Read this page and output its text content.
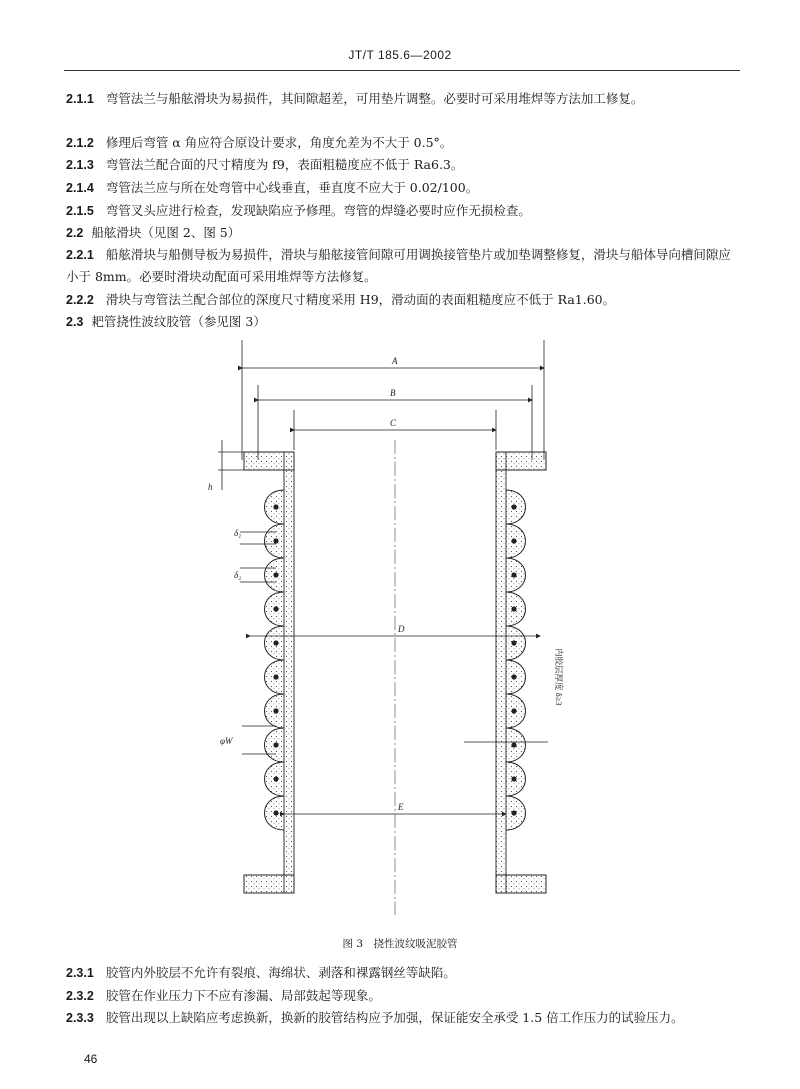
JT/T 185.6—2002
2.1.1 弯管法兰与船舷滑块为易损件，其间隙超差，可用垫片调整。必要时可采用堆焊等方法加工修复。
2.1.2 修理后弯管 α 角应符合原设计要求，角度允差为不大于 0.5°。
2.1.3 弯管法兰配合面的尺寸精度为 f9，表面粗糙度应不低于 Ra6.3。
2.1.4 弯管法兰应与所在处弯管中心线垂直，垂直度不应大于 0.02/100。
2.1.5 弯管叉头应进行检查，发现缺陷应予修理。弯管的焊缝必要时应作无损检查。
2.2 船舷滑块（见图 2、图 5）
2.2.1 船舷滑块与船侧导板为易损件，滑块与船舷接管间隙可用调换接管垫片或加垫调整修复，滑块与船体导向槽间隙应小于 8mm。必要时滑块动配面可采用堆焊等方法修复。
2.2.2 滑块与弯管法兰配合部位的深度尺寸精度采用 H9，滑动面的表面粗糙度应不低于 Ra1.60。
2.3 耙管挠性波纹胶管（参见图 3）
A
B
C
D
E
h
δ₁
δ₂
φW
内胶层厚度 δ≥3
图 3　挠性波纹吸泥胶管
2.3.1 胶管内外胶层不允许有裂痕、海绵状、剥落和裸露钢丝等缺陷。
2.3.2 胶管在作业压力下不应有渗漏、局部鼓起等现象。
2.3.3 胶管出现以上缺陷应考虑换新，换新的胶管结构应予加强，保证能安全承受 1.5 倍工作压力的试验压力。
46
